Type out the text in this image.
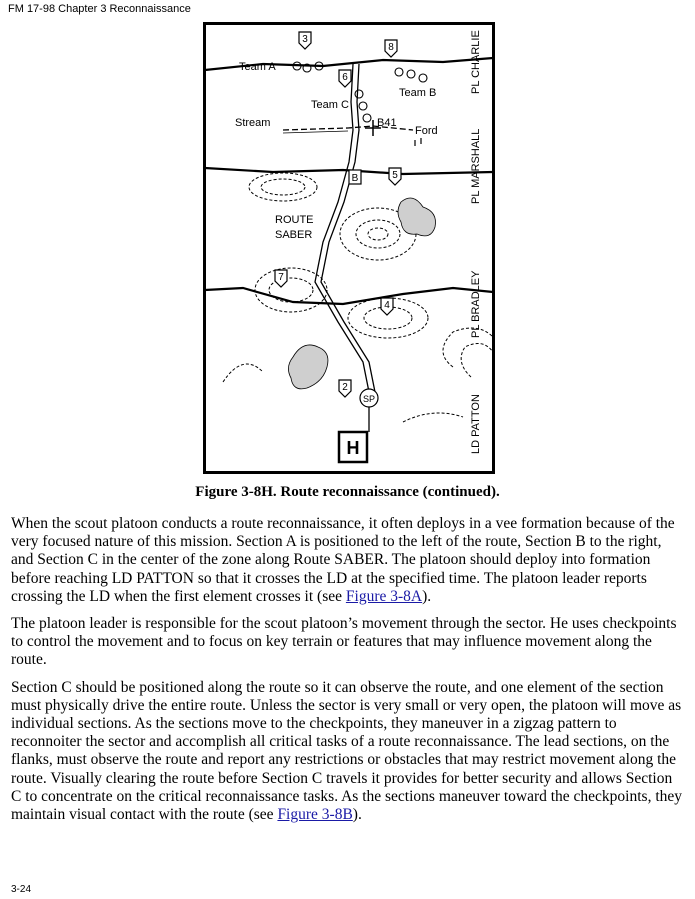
FM 17-98 Chapter 3 Reconnaissance
Ford
3
8
6
5
7
4
2
B
Team A
Team B
Team C
Stream	B41
ROUTE
SABER
PL CHARLIE
PL MARSHALL
PL BRADLEY
LD PATTON
SP
H
Figure 3-8H. Route reconnaissance (continued).

When the scout platoon conducts a route reconnaissance, it often deploys in a vee formation because of the very focused nature of this mission. Section A is positioned to the left of the route, Section B to the right, and Section C in the center of the zone along Route SABER. The platoon should deploy into formation before reaching LD PATTON so that it crosses the LD at the specified time. The platoon leader reports crossing the LD when the first element crosses it (see Figure 3-8A).

The platoon leader is responsible for the scout platoon’s movement through the sector. He uses checkpoints to control the movement and to focus on key terrain or features that may influence movement along the route.

Section C should be positioned along the route so it can observe the route, and one element of the section must physically drive the entire route. Unless the sector is very small or very open, the platoon will move as individual sections. As the sections move to the checkpoints, they maneuver in a zigzag pattern to reconnoiter the sector and accomplish all critical tasks of a route reconnaissance. The lead sections, on the flanks, must observe the route and report any restrictions or obstacles that may restrict movement along the route. Visually clearing the route before Section C travels it provides for better security and allows Section C to concentrate on the critical reconnaissance tasks. As the sections maneuver toward the checkpoints, they maintain visual contact with the route (see Figure 3-8B).

3-24
